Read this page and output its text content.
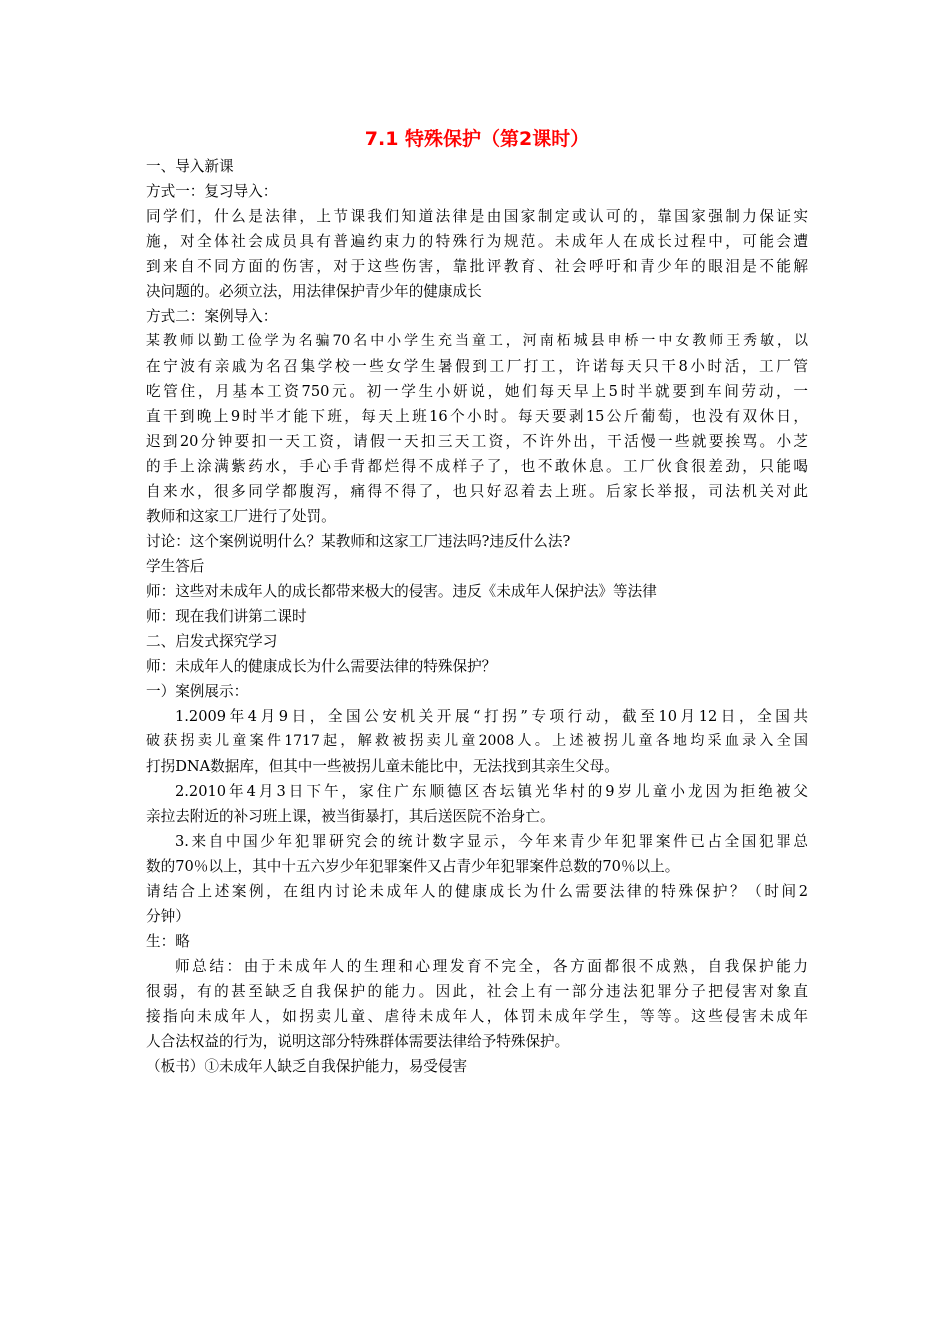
7.1 特殊保护（第2课时）
一、导入新课
方式一：复习导入：
同学们，什么是法律，上节课我们知道法律是由国家制定或认可的，靠国家强制力保证实
施，对全体社会成员具有普遍约束力的特殊行为规范。未成年人在成长过程中，可能会遭
到来自不同方面的伤害，对于这些伤害，靠批评教育、社会呼吁和青少年的眼泪是不能解
决问题的。必须立法，用法律保护青少年的健康成长
方式二：案例导入：
某教师以勤工俭学为名骗70名中小学生充当童工，河南柘城县申桥一中女教师王秀敏，以
在宁波有亲戚为名召集学校一些女学生暑假到工厂打工，许诺每天只干8小时活，工厂管
吃管住，月基本工资750元。初一学生小妍说，她们每天早上5时半就要到车间劳动，一
直干到晚上9时半才能下班，每天上班16个小时。每天要剥15公斤葡萄，也没有双休日，
迟到20分钟要扣一天工资，请假一天扣三天工资，不许外出，干活慢一些就要挨骂。小芝
的手上涂满紫药水，手心手背都烂得不成样子了，也不敢休息。工厂伙食很差劲，只能喝
自来水，很多同学都腹泻，痛得不得了，也只好忍着去上班。后家长举报，司法机关对此
教师和这家工厂进行了处罚。
讨论：这个案例说明什么？某教师和这家工厂违法吗?违反什么法?
学生答后
师：这些对未成年人的成长都带来极大的侵害。违反《未成年人保护法》等法律
师：现在我们讲第二课时
二、启发式探究学习
师：未成年人的健康成长为什么需要法律的特殊保护？
一）案例展示：
1.2009年4月9日，全国公安机关开展“打拐”专项行动，截至10月12日，全国共
破获拐卖儿童案件1717起，解救被拐卖儿童2008人。上述被拐儿童各地均采血录入全国
打拐DNA数据库，但其中一些被拐儿童未能比中，无法找到其亲生父母。
2.2010年4月3日下午，家住广东顺德区杏坛镇光华村的9岁儿童小龙因为拒绝被父
亲拉去附近的补习班上课，被当街暴打，其后送医院不治身亡。
3.来自中国少年犯罪研究会的统计数字显示，今年来青少年犯罪案件已占全国犯罪总
数的70％以上，其中十五六岁少年犯罪案件又占青少年犯罪案件总数的70％以上。
请结合上述案例，在组内讨论未成年人的健康成长为什么需要法律的特殊保护？（时间2
分钟）
生：略
师总结：由于未成年人的生理和心理发育不完全，各方面都很不成熟，自我保护能力
很弱，有的甚至缺乏自我保护的能力。因此，社会上有一部分违法犯罪分子把侵害对象直
接指向未成年人，如拐卖儿童、虐待未成年人，体罚未成年学生，等等。这些侵害未成年
人合法权益的行为，说明这部分特殊群体需要法律给予特殊保护。
（板书）①未成年人缺乏自我保护能力，易受侵害
